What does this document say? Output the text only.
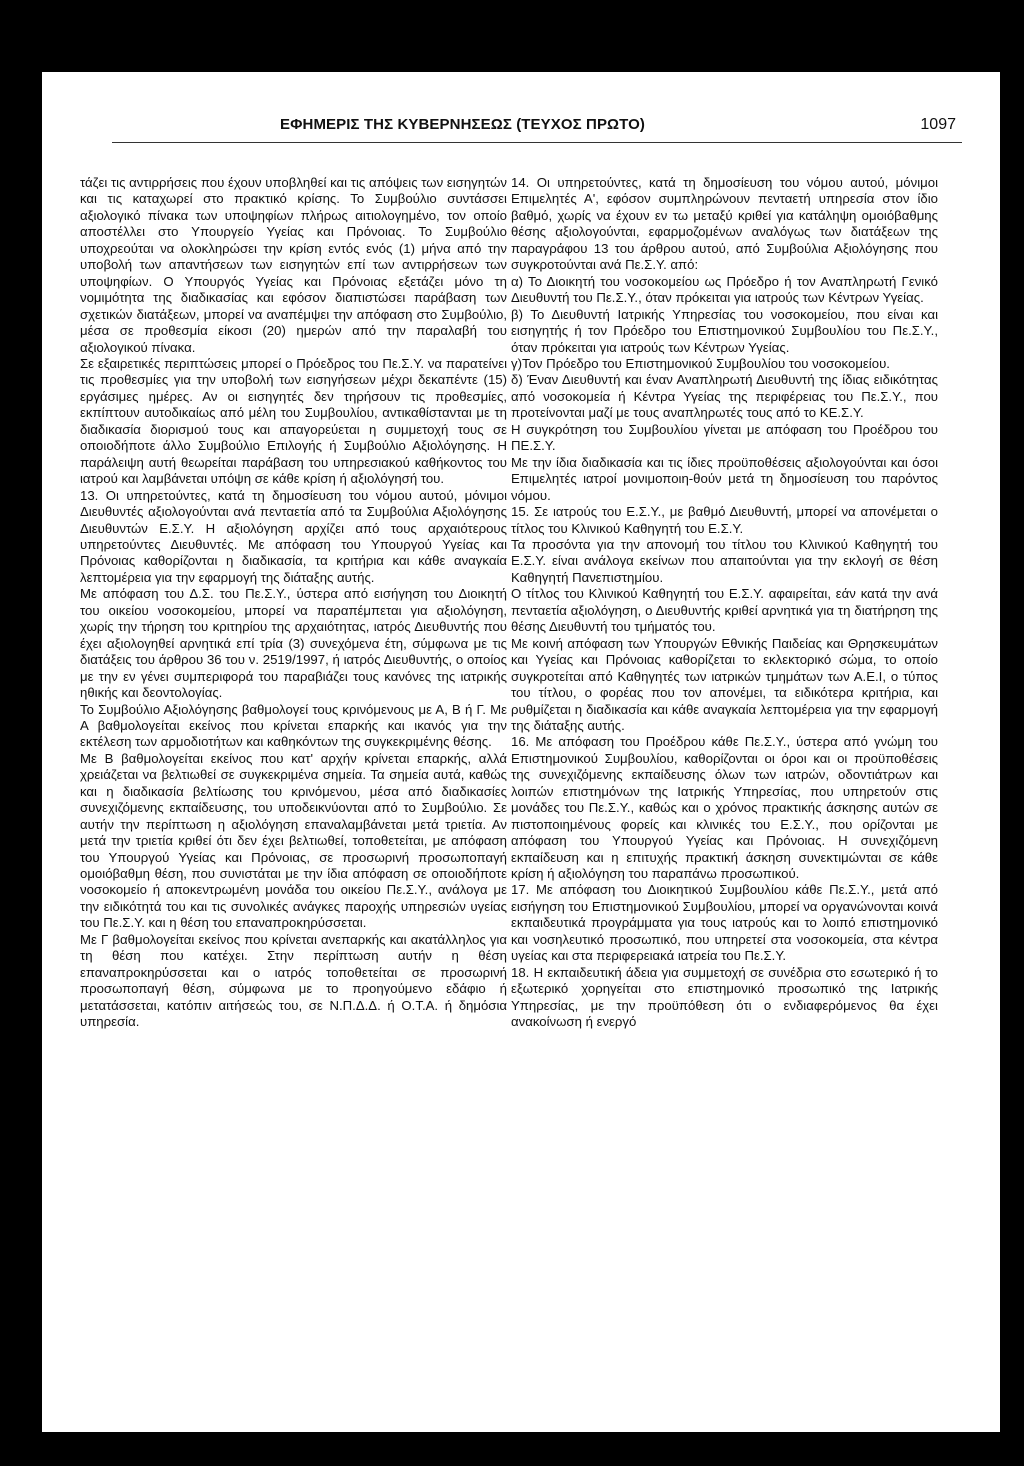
ΕΦΗΜΕΡΙΣ ΤΗΣ ΚΥΒΕΡΝΗΣΕΩΣ (ΤΕΥΧΟΣ ΠΡΩΤΟ)	1097

τάζει τις αντιρρήσεις που έχουν υποβληθεί και τις απόψεις των εισηγητών και τις καταχωρεί στο πρακτικό κρίσης. Το Συμβούλιο συντάσσει αξιολογικό πίνακα των υποψηφίων πλήρως αιτιολογημένο, τον οποίο αποστέλλει στο Υπουργείο Υγείας και Πρόνοιας. Το Συμβούλιο υποχρεούται να ολοκληρώσει την κρίση εντός ενός (1) μήνα από την υποβολή των απαντήσεων των εισηγητών επί των αντιρρήσεων των υποψηφίων. Ο Υπουργός Υγείας και Πρόνοιας εξετάζει μόνο τη νομιμότητα της διαδικασίας και εφόσον διαπιστώσει παράβαση των σχετικών διατάξεων, μπορεί να αναπέμψει την απόφαση στο Συμβούλιο, μέσα σε προθεσμία είκοσι (20) ημερών από την παραλαβή του αξιολογικού πίνακα.

Σε εξαιρετικές περιπτώσεις μπορεί ο Πρόεδρος του Πε.Σ.Υ. να παρατείνει τις προθεσμίες για την υποβολή των εισηγήσεων μέχρι δεκαπέντε (15) εργάσιμες ημέρες. Αν οι εισηγητές δεν τηρήσουν τις προθεσμίες, εκπίπτουν αυτοδικαίως από μέλη του Συμβουλίου, αντικαθίστανται με τη διαδικασία διορισμού τους και απαγορεύεται η συμμετοχή τους σε οποιοδήποτε άλλο Συμβούλιο Επιλογής ή Συμβούλιο Αξιολόγησης. Η παράλειψη αυτή θεωρείται παράβαση του υπηρεσιακού καθήκοντος του ιατρού και λαμβάνεται υπόψη σε κάθε κρίση ή αξιολόγησή του.

13. Οι υπηρετούντες, κατά τη δημοσίευση του νόμου αυτού, μόνιμοι Διευθυντές αξιολογούνται ανά πενταετία από τα Συμβούλια Αξιολόγησης Διευθυντών Ε.Σ.Υ. Η αξιολόγηση αρχίζει από τους αρχαιότερους υπηρετούντες Διευθυντές. Με απόφαση του Υπουργού Υγείας και Πρόνοιας καθορίζονται η διαδικασία, τα κριτήρια και κάθε αναγκαία λεπτομέρεια για την εφαρμογή της διάταξης αυτής.

Με απόφαση του Δ.Σ. του Πε.Σ.Υ., ύστερα από εισήγηση του Διοικητή του οικείου νοσοκομείου, μπορεί να παραπέμπεται για αξιολόγηση, χωρίς την τήρηση του κριτηρίου της αρχαιότητας, ιατρός Διευθυντής που έχει αξιολογηθεί αρνητικά επί τρία (3) συνεχόμενα έτη, σύμφωνα με τις διατάξεις του άρθρου 36 του ν. 2519/1997, ή ιατρός Διευθυντής, ο οποίος με την εν γένει συμπεριφορά του παραβιάζει τους κανόνες της ιατρικής ηθικής και δεοντολογίας.

Το Συμβούλιο Αξιολόγησης βαθμολογεί τους κρινόμενους με Α, Β ή Γ. Με Α βαθμολογείται εκείνος που κρίνεται επαρκής και ικανός για την εκτέλεση των αρμοδιοτήτων και καθηκόντων της συγκεκριμένης θέσης.

Με Β βαθμολογείται εκείνος που κατ' αρχήν κρίνεται επαρκής, αλλά χρειάζεται να βελτιωθεί σε συγκεκριμένα σημεία. Τα σημεία αυτά, καθώς και η διαδικασία βελτίωσης του κρινόμενου, μέσα από διαδικασίες συνεχιζόμενης εκπαίδευσης, του υποδεικνύονται από το Συμβούλιο. Σε αυτήν την περίπτωση η αξιολόγηση επαναλαμβάνεται μετά τριετία. Αν μετά την τριετία κριθεί ότι δεν έχει βελτιωθεί, τοποθετείται, με απόφαση του Υπουργού Υγείας και Πρόνοιας, σε προσωρινή προσωποπαγή ομοιόβαθμη θέση, που συνιστάται με την ίδια απόφαση σε οποιοδήποτε νοσοκομείο ή αποκεντρωμένη μονάδα του οικείου Πε.Σ.Υ., ανάλογα με την ειδικότητά του και τις συνολικές ανάγκες παροχής υπηρεσιών υγείας του Πε.Σ.Υ. και η θέση του επαναπροκηρύσσεται.

Με Γ βαθμολογείται εκείνος που κρίνεται ανεπαρκής και ακατάλληλος για τη θέση που κατέχει. Στην περίπτωση αυτήν η θέση επαναπροκηρύσσεται και ο ιατρός τοποθετείται σε προσωρινή προσωποπαγή θέση, σύμφωνα με το προηγούμενο εδάφιο ή μετατάσσεται, κατόπιν αιτήσεώς του, σε Ν.Π.Δ.Δ. ή Ο.Τ.Α. ή δημόσια υπηρεσία.

14. Οι υπηρετούντες, κατά τη δημοσίευση του νόμου αυτού, μόνιμοι Επιμελητές Α', εφόσον συμπληρώνουν πενταετή υπηρεσία στον ίδιο βαθμό, χωρίς να έχουν εν τω μεταξύ κριθεί για κατάληψη ομοιόβαθμης θέσης αξιολογούνται, εφαρμοζομένων αναλόγως των διατάξεων της παραγράφου 13 του άρθρου αυτού, από Συμβούλια Αξιολόγησης που συγκροτούνται ανά Πε.Σ.Υ. από:

α) Το Διοικητή του νοσοκομείου ως Πρόεδρο ή τον Αναπληρωτή Γενικό Διευθυντή του Πε.Σ.Υ., όταν πρόκειται για ιατρούς των Κέντρων Υγείας.

β) Το Διευθυντή Ιατρικής Υπηρεσίας του νοσοκομείου, που είναι και εισηγητής ή τον Πρόεδρο του Επιστημονικού Συμβουλίου του Πε.Σ.Υ., όταν πρόκειται για ιατρούς των Κέντρων Υγείας.

γ)Τον Πρόεδρο του Επιστημονικού Συμβουλίου του νοσοκομείου.

δ) Έναν Διευθυντή και έναν Αναπληρωτή Διευθυντή της ίδιας ειδικότητας από νοσοκομεία ή Κέντρα Υγείας της περιφέρειας του Πε.Σ.Υ., που προτείνονται μαζί με τους αναπληρωτές τους από το ΚΕ.Σ.Υ.

Η συγκρότηση του Συμβουλίου γίνεται με απόφαση του Προέδρου του ΠΕ.Σ.Υ.

Με την ίδια διαδικασία και τις ίδιες προϋποθέσεις αξιολογούνται και όσοι Επιμελητές ιατροί μονιμοποιη-θούν μετά τη δημοσίευση του παρόντος νόμου.

15. Σε ιατρούς του Ε.Σ.Υ., με βαθμό Διευθυντή, μπορεί να απονέμεται ο τίτλος του Κλινικού Καθηγητή του Ε.Σ.Υ.

Τα προσόντα για την απονομή του τίτλου του Κλινικού Καθηγητή του Ε.Σ.Υ. είναι ανάλογα εκείνων που απαιτούνται για την εκλογή σε θέση Καθηγητή Πανεπιστημίου.

Ο τίτλος του Κλινικού Καθηγητή του Ε.Σ.Υ. αφαιρείται, εάν κατά την ανά πενταετία αξιολόγηση, ο Διευθυντής κριθεί αρνητικά για τη διατήρηση της θέσης Διευθυντή του τμήματός του.

Με κοινή απόφαση των Υπουργών Εθνικής Παιδείας και Θρησκευμάτων και Υγείας και Πρόνοιας καθορίζεται το εκλεκτορικό σώμα, το οποίο συγκροτείται από Καθηγητές των ιατρικών τμημάτων των Α.Ε.Ι, ο τύπος του τίτλου, ο φορέας που τον απονέμει, τα ειδικότερα κριτήρια, και ρυθμίζεται η διαδικασία και κάθε αναγκαία λεπτομέρεια για την εφαρμογή της διάταξης αυτής.

16. Με απόφαση του Προέδρου κάθε Πε.Σ.Υ., ύστερα από γνώμη του Επιστημονικού Συμβουλίου, καθορίζονται οι όροι και οι προϋποθέσεις της συνεχιζόμενης εκπαίδευσης όλων των ιατρών, οδοντιάτρων και λοιπών επιστημόνων της Ιατρικής Υπηρεσίας, που υπηρετούν στις μονάδες του Πε.Σ.Υ., καθώς και ο χρόνος πρακτικής άσκησης αυτών σε πιστοποιημένους φορείς και κλινικές του Ε.Σ.Υ., που ορίζονται με απόφαση του Υπουργού Υγείας και Πρόνοιας. Η συνεχιζόμενη εκπαίδευση και η επιτυχής πρακτική άσκηση συνεκτιμώνται σε κάθε κρίση ή αξιολόγηση του παραπάνω προσωπικού.

17. Με απόφαση του Διοικητικού Συμβουλίου κάθε Πε.Σ.Υ., μετά από εισήγηση του Επιστημονικού Συμβουλίου, μπορεί να οργανώνονται κοινά εκπαιδευτικά προγράμματα για τους ιατρούς και το λοιπό επιστημονικό και νοσηλευτικό προσωπικό, που υπηρετεί στα νοσοκομεία, στα κέντρα υγείας και στα περιφερειακά ιατρεία του Πε.Σ.Υ.

18. Η εκπαιδευτική άδεια για συμμετοχή σε συνέδρια στο εσωτερικό ή το εξωτερικό χορηγείται στο επιστημονικό προσωπικό της Ιατρικής Υπηρεσίας, με την προϋπόθεση ότι ο ενδιαφερόμενος θα έχει ανακοίνωση ή ενεργό
